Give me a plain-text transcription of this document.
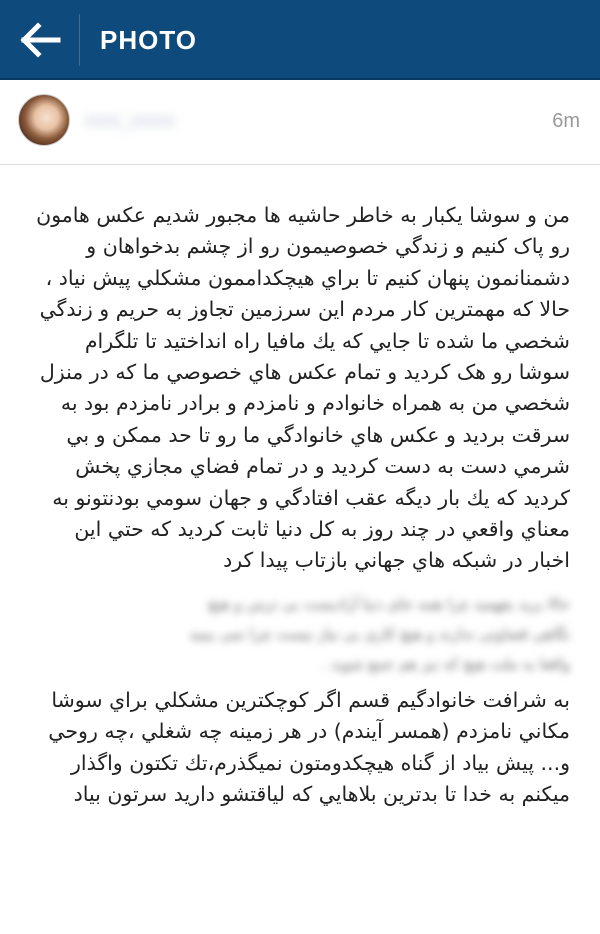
PHOTO
xxxx_xxxxx	6m
من و سوشا يكبار به خاطر حاشيه ها مجبور شديم عكس هامون
رو پاک كنيم و زندگي خصوصيمون رو از چشم بدخواهان و
دشمنانمون پنهان كنيم تا براي هيچكداممون مشكلي پيش نياد ،
حالا كه مهمترين كار مردم اين سرزمين تجاوز به حريم و زندگي
شخصي ما شده تا جايي كه يك مافيا راه انداختيد تا تلگرام
سوشا رو هک كرديد و تمام عكس هاي خصوصي ما كه در منزل
شخصي من به همراه خانوادم و نامزدم و برادر نامزدم بود به
سرقت برديد و عكس هاي خانوادگي ما رو تا حد ممكن و بي
شرمي دست به دست كرديد و در تمام فضاي مجازي پخش
كرديد كه يك بار ديگه عقب افتادگي و جهان سومي بودنتونو به
معناي واقعي در چند روز به كل دنيا ثابت كرديد كه حتي اين
اخبار در شبكه هاي جهاني بازتاب پيدا كرد
حالا بريد بفهميد چرا همه جای دنيا آزاديست بی ترس و هيچ
نگاهی قضاوتی ندارند و هيچ کاری بی نياز نيست چرا نمی بينيد
واقعا به ملت هيچ كه نيز هم جمع شويد .
به شرافت خانوادگيم قسم اگر كوچكترين مشكلي براي سوشا
مكاني نامزدم (همسر آيندم) در هر زمينه چه شغلي ،چه روحي
و... پيش بياد از گناه هيچكدومتون نميگذرم،تك تكتون واگذار
ميكنم به خدا تا بدترين بلاهايي كه لياقتشو داريد سرتون بياد
